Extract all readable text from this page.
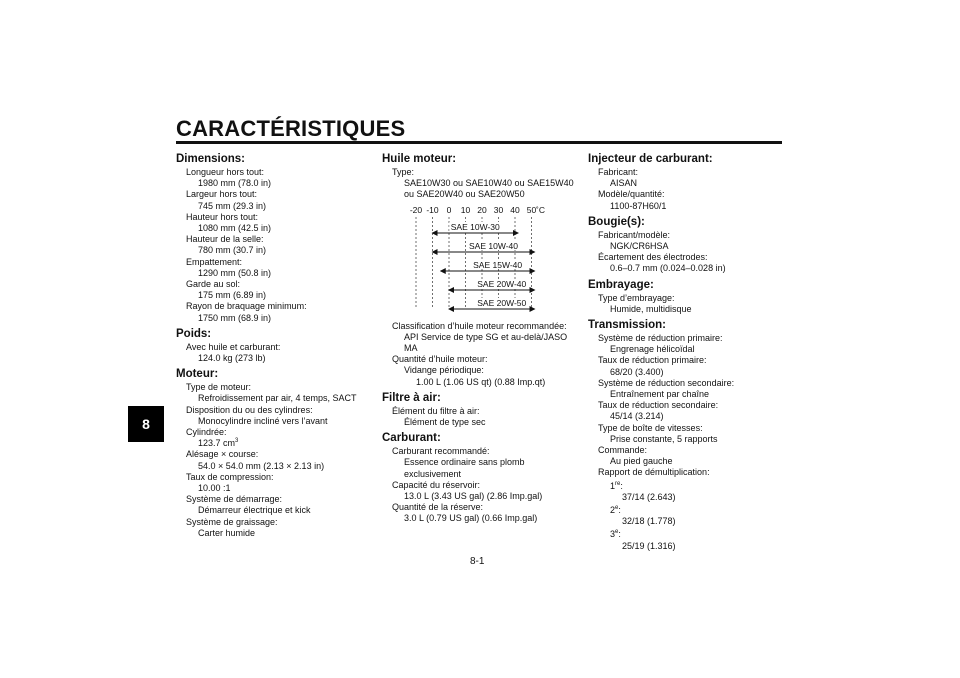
CARACTÉRISTIQUES
8
8-1
Dimensions:
Longueur hors tout:
1980 mm (78.0 in)
Largeur hors tout:
745 mm (29.3 in)
Hauteur hors tout:
1080 mm (42.5 in)
Hauteur de la selle:
780 mm (30.7 in)
Empattement:
1290 mm (50.8 in)
Garde au sol:
175 mm (6.89 in)
Rayon de braquage minimum:
1750 mm (68.9 in)
Poids:
Avec huile et carburant:
124.0 kg (273 lb)
Moteur:
Type de moteur:
Refroidissement par air, 4 temps, SACT
Disposition du ou des cylindres:
Monocylindre incliné vers l’avant
Cylindrée:
123.7 $cm^3$
Alésage × course:
54.0 × 54.0 mm (2.13 × 2.13 in)
Taux de compression:
10.00 :1
Système de démarrage:
Démarreur électrique et kick
Système de graissage:
Carter humide
Huile moteur:
Type:
SAE10W30 ou SAE10W40 ou SAE15W40 ou SAE20W40 ou SAE20W50
-20 -10 0 10 20 30 40 50 ˚C
SAE 10W-30
SAE 10W-40
SAE 15W-40
SAE 20W-40
SAE 20W-50
Classification d’huile moteur recommandée:
API Service de type SG et au-delà/JASO MA
Quantité d’huile moteur:
Vidange périodique:
1.00 L (1.06 US qt) (0.88 Imp.qt)
Filtre à air:
Élément du filtre à air:
Élément de type sec
Carburant:
Carburant recommandé:
Essence ordinaire sans plomb exclusivement
Capacité du réservoir:
13.0 L (3.43 US gal) (2.86 Imp.gal)
Quantité de la réserve:
3.0 L (0.79 US gal) (0.66 Imp.gal)
Injecteur de carburant:
Fabricant:
AISAN
Modèle/quantité:
1100-87H60/1
Bougie(s):
Fabricant/modèle:
NGK/CR6HSA
Écartement des électrodes:
0.6–0.7 mm (0.024–0.028 in)
Embrayage:
Type d’embrayage:
Humide, multidisque
Transmission:
Système de réduction primaire:
Engrenage hélicoïdal
Taux de réduction primaire:
68/20 (3.400)
Système de réduction secondaire:
Entraînement par chaîne
Taux de réduction secondaire:
45/14 (3.214)
Type de boîte de vitesses:
Prise constante, 5 rapports
Commande:
Au pied gauche
Rapport de démultiplication:
1re:
37/14 (2.643)
2e:
32/18 (1.778)
3e:
25/19 (1.316)
